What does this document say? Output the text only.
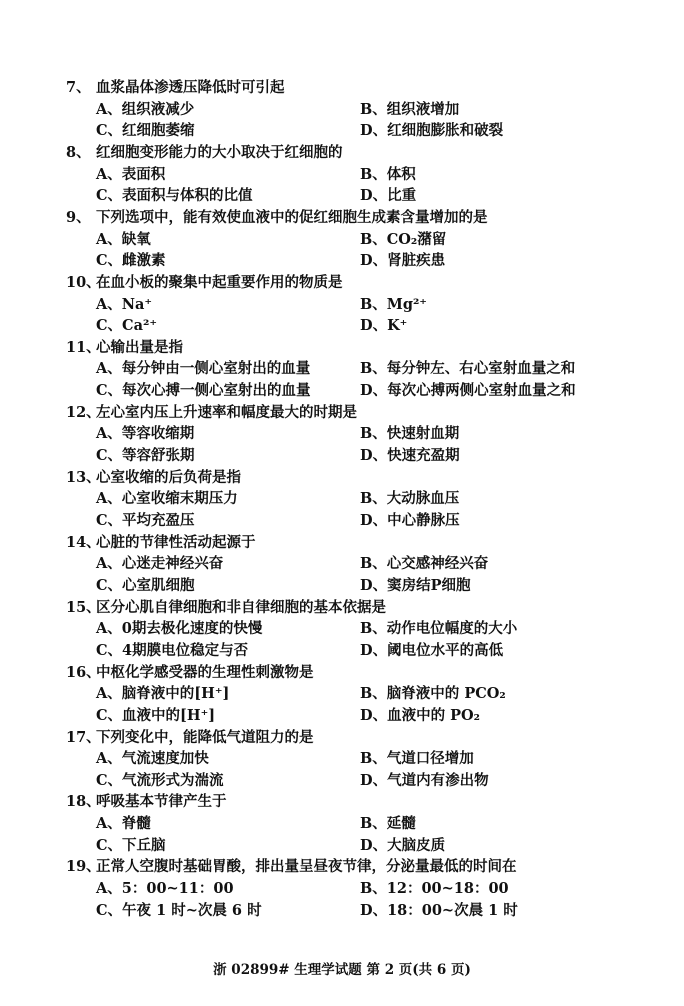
7、 血浆晶体渗透压降低时可引起
A、组织液减少	B、组织液增加
C、红细胞萎缩	D、红细胞膨胀和破裂
8、 红细胞变形能力的大小取决于红细胞的
A、表面积	B、体积
C、表面积与体积的比值	D、比重
9、 下列选项中，能有效使血液中的促红细胞生成素含量增加的是
A、缺氧	B、CO₂潴留
C、雌激素	D、肾脏疾患
10、在血小板的聚集中起重要作用的物质是
A、Na⁺	B、Mg²⁺
C、Ca²⁺	D、K⁺
11、心输出量是指
A、每分钟由一侧心室射出的血量	B、每分钟左、右心室射血量之和
C、每次心搏一侧心室射出的血量	D、每次心搏两侧心室射血量之和
12、左心室内压上升速率和幅度最大的时期是
A、等容收缩期	B、快速射血期
C、等容舒张期	D、快速充盈期
13、心室收缩的后负荷是指
A、心室收缩末期压力	B、大动脉血压
C、平均充盈压	D、中心静脉压
14、心脏的节律性活动起源于
A、心迷走神经兴奋	B、心交感神经兴奋
C、心室肌细胞	D、窦房结P细胞
15、区分心肌自律细胞和非自律细胞的基本依据是
A、0期去极化速度的快慢	B、动作电位幅度的大小
C、4期膜电位稳定与否	D、阈电位水平的高低
16、中枢化学感受器的生理性刺激物是
A、脑脊液中的[H⁺]	B、脑脊液中的 PCO₂
C、血液中的[H⁺]	D、血液中的 PO₂
17、下列变化中，能降低气道阻力的是
A、气流速度加快	B、气道口径增加
C、气流形式为湍流	D、气道内有渗出物
18、呼吸基本节律产生于
A、脊髓	B、延髓
C、下丘脑	D、大脑皮质
19、正常人空腹时基础胃酸，排出量呈昼夜节律，分泌量最低的时间在
A、5：00~11：00	B、12：00~18：00
C、午夜 1 时~次晨 6 时	D、18：00~次晨 1 时
浙 02899# 生理学试题 第 2 页(共 6 页)
